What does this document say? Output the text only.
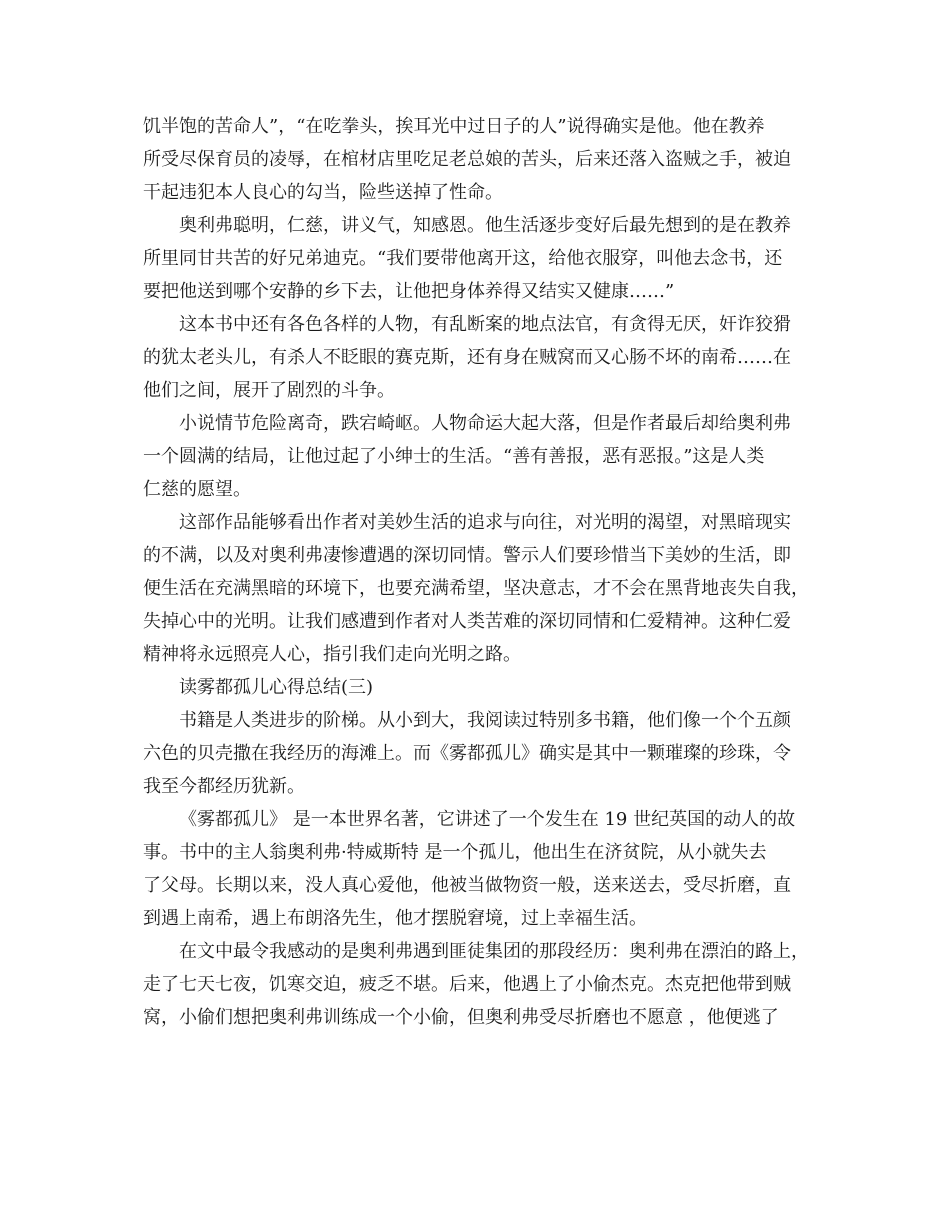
饥半饱的苦命人”，“在吃拳头，挨耳光中过日子的人”说得确实是他。他在教养
所受尽保育员的凌辱，在棺材店里吃足老总娘的苦头，后来还落入盗贼之手，被迫
干起违犯本人良心的勾当，险些送掉了性命。
奥利弗聪明，仁慈，讲义气，知感恩。他生活逐步变好后最先想到的是在教养
所里同甘共苦的好兄弟迪克。“我们要带他离开这，给他衣服穿，叫他去念书，还
要把他送到哪个安静的乡下去，让他把身体养得又结实又健康……”
这本书中还有各色各样的人物，有乱断案的地点法官，有贪得无厌，奸诈狡猾
的犹太老头儿，有杀人不眨眼的赛克斯，还有身在贼窝而又心肠不坏的南希……在
他们之间，展开了剧烈的斗争。
小说情节危险离奇，跌宕崎岖。人物命运大起大落，但是作者最后却给奥利弗
一个圆满的结局，让他过起了小绅士的生活。“善有善报，恶有恶报。”这是人类
仁慈的愿望。
这部作品能够看出作者对美妙生活的追求与向往，对光明的渴望，对黑暗现实
的不满，以及对奥利弗凄惨遭遇的深切同情。警示人们要珍惜当下美妙的生活，即
便生活在充满黑暗的环境下，也要充满希望，坚决意志，才不会在黑背地丧失自我，
失掉心中的光明。让我们感遭到作者对人类苦难的深切同情和仁爱精神。这种仁爱
精神将永远照亮人心，指引我们走向光明之路。
读雾都孤儿心得总结(三)
书籍是人类进步的阶梯。从小到大，我阅读过特别多书籍，他们像一个个五颜
六色的贝壳撒在我经历的海滩上。而《雾都孤儿》确实是其中一颗璀璨的珍珠，令
我至今都经历犹新。
《雾都孤儿》 是一本世界名著，它讲述了一个发生在 19 世纪英国的动人的故
事。书中的主人翁奥利弗·特威斯特 是一个孤儿，他出生在济贫院，从小就失去
了父母。长期以来，没人真心爱他，他被当做物资一般，送来送去，受尽折磨，直
到遇上南希，遇上布朗洛先生，他才摆脱窘境，过上幸福生活。
在文中最令我感动的是奥利弗遇到匪徒集团的那段经历：奥利弗在漂泊的路上，
走了七天七夜，饥寒交迫，疲乏不堪。后来，他遇上了小偷杰克。杰克把他带到贼
窝，小偷们想把奥利弗训练成一个小偷，但奥利弗受尽折磨也不愿意 ，他便逃了
